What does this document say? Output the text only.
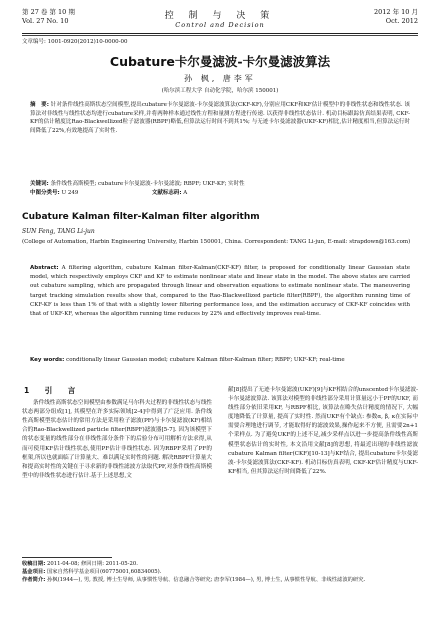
第 27 卷 第 10 期
Vol. 27 No. 10	控 制 与 决 策
Control and Decision
2012 年 10 月
Oct. 2012
文章编号: 1001-0920(2012)10-0000-00
Cubature卡尔曼滤波-卡尔曼滤波算法
孙 枫, 唐李军
(哈尔滨工程大学 自动化学院，哈尔滨 150001)
摘　要: 针对条件线性高斯状态空间模型,提出cubature卡尔曼滤波-卡尔曼滤波算法(CKF-KF),分别应用CKF和KF估计模型中的非线性状态和线性状态. 该算法对非线性与线性状态均进行cubature采样,并将两种样本通过线性方程和量测方程进行传递. 以获得非线性状态估计. 机动目标跟踪仿真结果表明, CKF-KF的估计精度比Rao-Blackwellized粒子滤波器(RBPF)略低,但算法运行时间不到其1%; 与无迹卡尔曼滤波器(UKF-KF)相比,估计精度相当,但算法运行时间降低了22%,有效地提高了实时性.
关键词: 条件线性高斯模型; cubature卡尔曼滤波-卡尔曼滤波; RBPF; UKF-KF; 实时性
中图分类号: U 249	文献标志码: A
Cubature Kalman filter-Kalman filter algorithm
SUN Feng, TANG Li-jun
(College of Automation, Harbin Engineering University, Harbin 150001, China. Correspondent: TANG Li-jun, E-mail: strapdown@163.com)
Abstract: A filtering algorithm, cubature Kalman filter-Kalman(CKF-KF) filter, is proposed for conditionally linear Gaussian state model, which respectively employs CKF and KF to estimate nonlinear state and linear state in the model. The above states are carried out cubature sampling, which are propagated through linear and observation equations to estimate nonlinear state. The maneuvering target tracking simulation results show that, compared to the Rao-Blackwellized particle filter(RBPF), the algorithm running time of CKF-KF is less than 1% of that with a slightly lower filtering performance loss, and the estimation accuracy of CKF-KF coincides with that of UKF-KF, whereas the algorithm running time reduces by 22% and effectively improves real-time.
Key words: conditionally linear Gaussian model; cubature Kalman filter-Kalman filter; RBPF; UKF-KF; real-time
1　引　言

条件线性高斯状态空间模型由参数满足马尔科夫过程的非线性状态与线性状态两部分组成[1], 其模型在许多实际领域[2-4]中得到了广泛应用. 条件线性高斯模型状态估计的常用方法是采用粒子滤波(PF)与卡尔曼滤波(KF)相结合的Rao-Blackwellized particle filter(RBPF)滤波器[5-7]. 因为该模型下的状态变量的线性部分在非线性部分条件下的后验分布可用解析方法求得,从而可使用KF估计线性状态,使用PF估计非线性状态. 因为RBPF采用了PF的框架,所以也就面临了计算量大、难以满足实时性的问题. 解决RBPF计算量大和提高实时性的关键在于寻求新的非线性滤波方法取代PF,对条件线性高斯模型中的非线性状态进行估计.基于上述思想,文

献[8]提出了无迹卡尔曼滤波(UKF)[9]与KF相结合的unscented卡尔曼滤波-卡尔曼滤波算法. 该算法对模型的非线性部分采用计算量远小于PF的UKF, 而线性部分依旧采用KF, 与RBPF相比, 该算法在略失估计精度的情况下, 大幅度地降低了计算量, 提高了实时性. 然而UKF有个缺点: 参数α, β, κ在实际中需要合理地进行调节, 才能取得好的滤波效果,操作起来不方便, 且需要2n+1个采样点. 为了避免UKF的上述不足,减少采样点以进一步提高条件线性高斯模型状态估计的实时性, 本文沿用文献[8]的思想, 将最近出现的非线性滤波cubature Kalman filter(CKF)[10-13]与KF结合, 提出cubature卡尔曼滤波-卡尔曼滤波算法(CKF-KF). 机动目标仿真表明, CKF-KF估计精度与UKF-KF相当, 但其算法运行时间降低了22%.

收稿日期: 2011-04-08; 修回日期: 2011-05-20.
基金项目: 国家自然科学基金项目(60775001,60834005).
作者简介: 孙枫(1944—), 男, 教授, 博士生导师, 从事惯性导航、信息融合等研究; 唐李军(1984—), 男, 博士生, 从事惯性导航、非线性滤波的研究.
